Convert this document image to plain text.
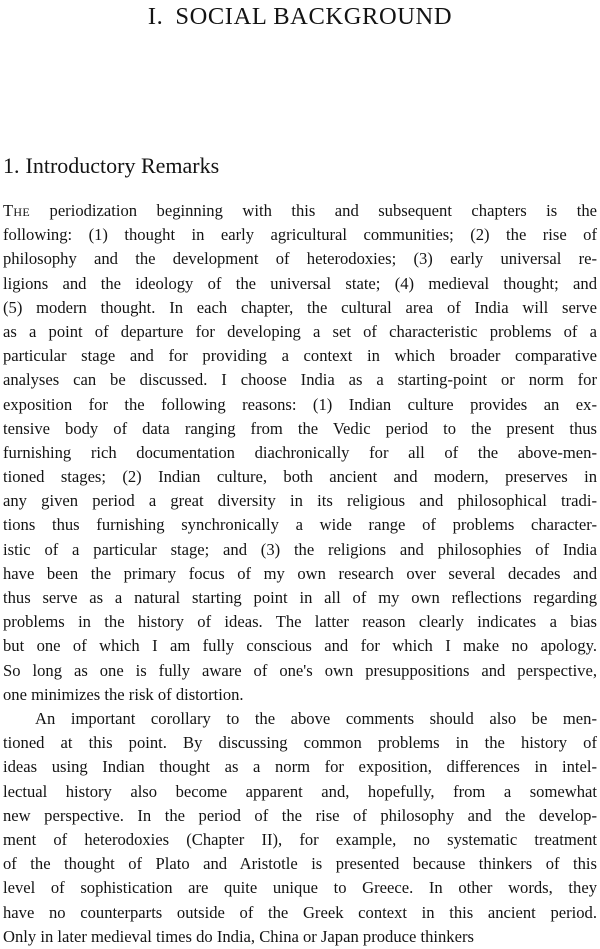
I. SOCIAL BACKGROUND
1. Introductory Remarks
The periodization beginning with this and subsequent chapters is the
following: (1) thought in early agricultural communities; (2) the rise of
philosophy and the development of heterodoxies; (3) early universal re-
ligions and the ideology of the universal state; (4) medieval thought; and
(5) modern thought. In each chapter, the cultural area of India will serve
as a point of departure for developing a set of characteristic problems of a
particular stage and for providing a context in which broader comparative
analyses can be discussed. I choose India as a starting-point or norm for
exposition for the following reasons: (1) Indian culture provides an ex-
tensive body of data ranging from the Vedic period to the present thus
furnishing rich documentation diachronically for all of the above-men-
tioned stages; (2) Indian culture, both ancient and modern, preserves in
any given period a great diversity in its religious and philosophical tradi-
tions thus furnishing synchronically a wide range of problems character-
istic of a particular stage; and (3) the religions and philosophies of India
have been the primary focus of my own research over several decades and
thus serve as a natural starting point in all of my own reflections regarding
problems in the history of ideas. The latter reason clearly indicates a bias
but one of which I am fully conscious and for which I make no apology.
So long as one is fully aware of one's own presuppositions and perspective,
one minimizes the risk of distortion.
An important corollary to the above comments should also be men-
tioned at this point. By discussing common problems in the history of
ideas using Indian thought as a norm for exposition, differences in intel-
lectual history also become apparent and, hopefully, from a somewhat
new perspective. In the period of the rise of philosophy and the develop-
ment of heterodoxies (Chapter II), for example, no systematic treatment
of the thought of Plato and Aristotle is presented because thinkers of this
level of sophistication are quite unique to Greece. In other words, they
have no counterparts outside of the Greek context in this ancient period.
Only in later medieval times do India, China or Japan produce thinkers
